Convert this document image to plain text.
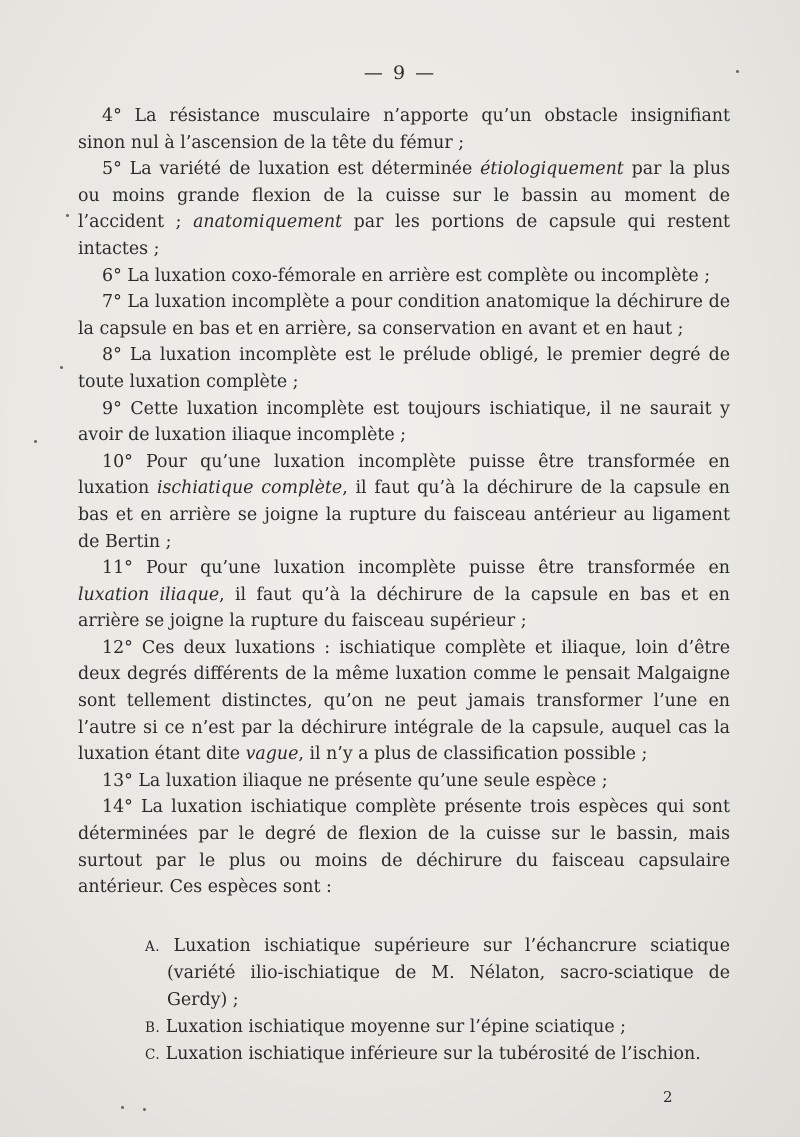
— 9 —

4° La résistance musculaire n’apporte qu’un obstacle insignifiant sinon nul à l’ascension de la tête du fémur ;

5° La variété de luxation est déterminée étiologiquement par la plus ou moins grande flexion de la cuisse sur le bassin au moment de l’accident ; anatomiquement par les portions de capsule qui restent intactes ;

6° La luxation coxo-fémorale en arrière est complète ou incomplète ;

7° La luxation incomplète a pour condition anatomique la déchirure de la capsule en bas et en arrière, sa conservation en avant et en haut ;

8° La luxation incomplète est le prélude obligé, le premier degré de toute luxation complète ;

9° Cette luxation incomplète est toujours ischiatique, il ne saurait y avoir de luxation iliaque incomplète ;

10° Pour qu’une luxation incomplète puisse être transformée en luxation ischiatique complète, il faut qu’à la déchirure de la capsule en bas et en arrière se joigne la rupture du faisceau antérieur au ligament de Bertin ;

11° Pour qu’une luxation incomplète puisse être transformée en luxation iliaque, il faut qu’à la déchirure de la capsule en bas et en arrière se joigne la rupture du faisceau supérieur ;

12° Ces deux luxations : ischiatique complète et iliaque, loin d’être deux degrés différents de la même luxation comme le pensait Malgaigne sont tellement distinctes, qu’on ne peut jamais transformer l’une en l’autre si ce n’est par la déchirure intégrale de la capsule, auquel cas la luxation étant dite vague, il n’y a plus de classification possible ;

13° La luxation iliaque ne présente qu’une seule espèce ;

14° La luxation ischiatique complète présente trois espèces qui sont déterminées par le degré de flexion de la cuisse sur le bassin, mais surtout par le plus ou moins de déchirure du faisceau capsulaire antérieur. Ces espèces sont :

A. Luxation ischiatique supérieure sur l’échancrure sciatique (variété ilio-ischiatique de M. Nélaton, sacro-sciatique de Gerdy) ;

B. Luxation ischiatique moyenne sur l’épine sciatique ;

C. Luxation ischiatique inférieure sur la tubérosité de l’ischion.

2
